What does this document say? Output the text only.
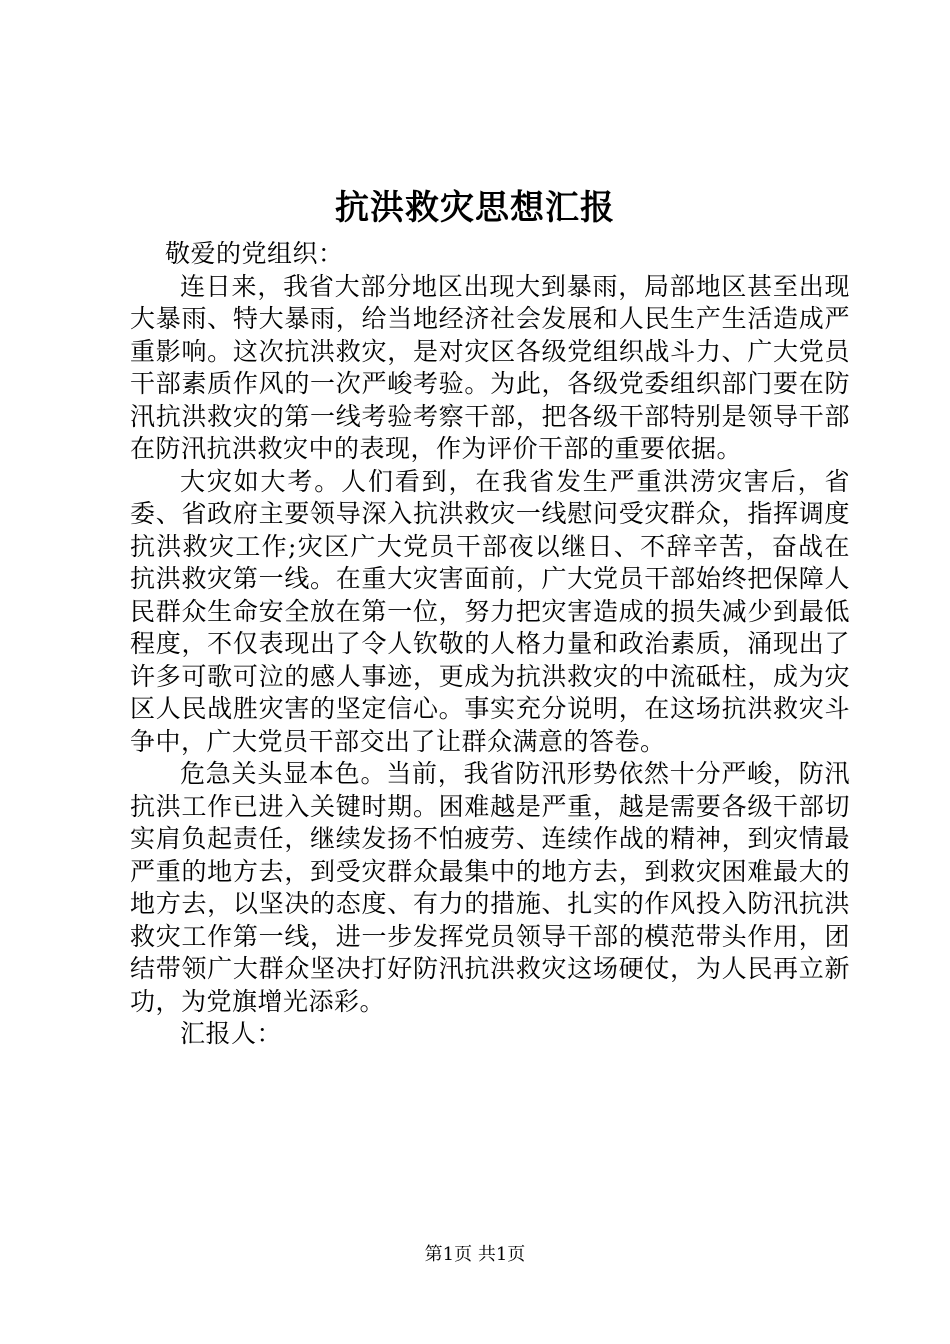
抗洪救灾思想汇报

敬爱的党组织：

连日来，我省大部分地区出现大到暴雨，局部地区甚至出现大暴雨、特大暴雨，给当地经济社会发展和人民生产生活造成严重影响。这次抗洪救灾，是对灾区各级党组织战斗力、广大党员干部素质作风的一次严峻考验。为此，各级党委组织部门要在防汛抗洪救灾的第一线考验考察干部，把各级干部特别是领导干部在防汛抗洪救灾中的表现，作为评价干部的重要依据。

大灾如大考。人们看到，在我省发生严重洪涝灾害后，省委、省政府主要领导深入抗洪救灾一线慰问受灾群众，指挥调度抗洪救灾工作;灾区广大党员干部夜以继日、不辞辛苦，奋战在抗洪救灾第一线。在重大灾害面前，广大党员干部始终把保障人民群众生命安全放在第一位，努力把灾害造成的损失减少到最低程度，不仅表现出了令人钦敬的人格力量和政治素质，涌现出了许多可歌可泣的感人事迹，更成为抗洪救灾的中流砥柱，成为灾区人民战胜灾害的坚定信心。事实充分说明，在这场抗洪救灾斗争中，广大党员干部交出了让群众满意的答卷。

危急关头显本色。当前，我省防汛形势依然十分严峻，防汛抗洪工作已进入关键时期。困难越是严重，越是需要各级干部切实肩负起责任，继续发扬不怕疲劳、连续作战的精神，到灾情最严重的地方去，到受灾群众最集中的地方去，到救灾困难最大的地方去，以坚决的态度、有力的措施、扎实的作风投入防汛抗洪救灾工作第一线，进一步发挥党员领导干部的模范带头作用，团结带领广大群众坚决打好防汛抗洪救灾这场硬仗，为人民再立新功，为党旗增光添彩。

汇报人：

第1页 共1页
